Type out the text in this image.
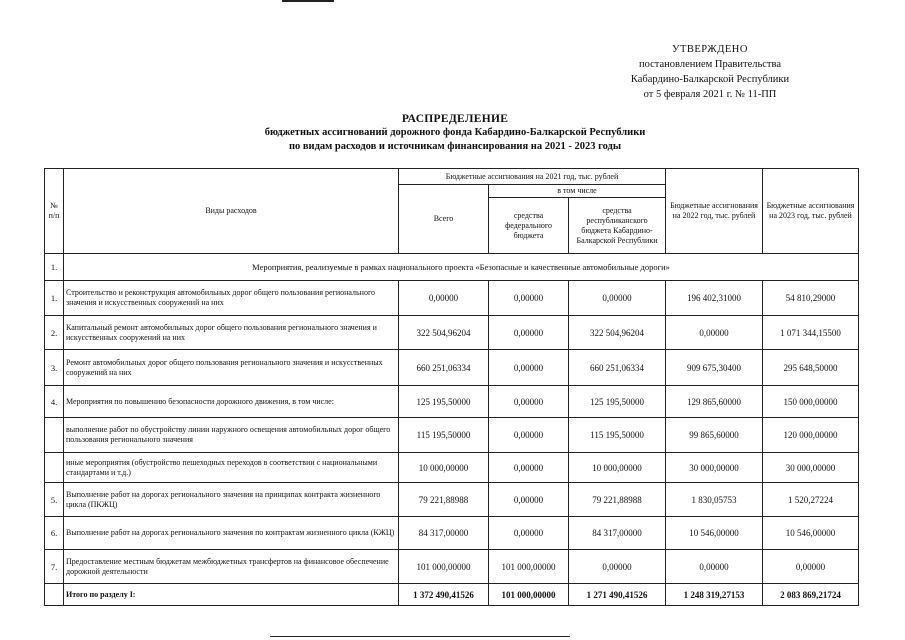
УТВЕРЖДЕНО
постановлением Правительства
Кабардино-Балкарской Республики
от 5 февраля 2021 г. № 11-ПП
РАСПРЕДЕЛЕНИЕ
бюджетных ассигнований дорожного фонда Кабардино-Балкарской Республики
по видам расходов и источникам финансирования на 2021 - 2023 годы
№ п/п	Виды расходов	Бюджетные ассигнования на 2021 год, тыс. рублей			Бюджетные ассигнования на 2022 год, тыс. рублей	Бюджетные ассигнования на 2023 год, тыс. рублей
		Всего	в том числе			
			средства федерального бюджета	средства республиканского бюджета Кабардино-Балкарской Республики		
1.	Мероприятия, реализуемые в рамках национального проекта «Безопасные и качественные автомобильные дороги»					
1.	Строительство и реконструкция автомобильных дорог общего пользования регионального значения и искусственных сооружений на них	0,00000	0,00000	0,00000	196 402,31000	54 810,29000
2.	Капитальный ремонт автомобильных дорог общего пользования регионального значения и искусственных сооружений на них	322 504,96204	0,00000	322 504,96204	0,00000	1 071 344,15500
3.	Ремонт автомобильных дорог общего пользования регионального значения и искусственных сооружений на них	660 251,06334	0,00000	660 251,06334	909 675,30400	295 648,50000
4.	Мероприятия по повышению безопасности дорожного движения, в том числе:	125 195,50000	0,00000	125 195,50000	129 865,60000	150 000,00000
	выполнение работ по обустройству линии наружного освещения автомобильных дорог общего пользования регионального значения	115 195,50000	0,00000	115 195,50000	99 865,60000	120 000,00000
	иные мероприятия (обустройство пешеходных переходов в соответствии с национальными стандартами и т.д.)	10 000,00000	0,00000	10 000,00000	30 000,00000	30 000,00000
5.	Выполнение работ на дорогах регионального значения на принципах контракта жизненного цикла (ПКЖЦ)	79 221,88988	0,00000	79 221,88988	1 830,05753	1 520,27224
6.	Выполнение работ на дорогах регионального значения по контрактам жизненного цикла (КЖЦ)	84 317,00000	0,00000	84 317,00000	10 546,00000	10 546,00000
7.	Предоставление местным бюджетам межбюджетных трансфертов на финансовое обеспечение дорожной деятельности	101 000,00000	101 000,00000	0,00000	0,00000	0,00000
	Итого по разделу I:	1 372 490,41526	101 000,00000	1 271 490,41526	1 248 319,27153	2 083 869,21724
